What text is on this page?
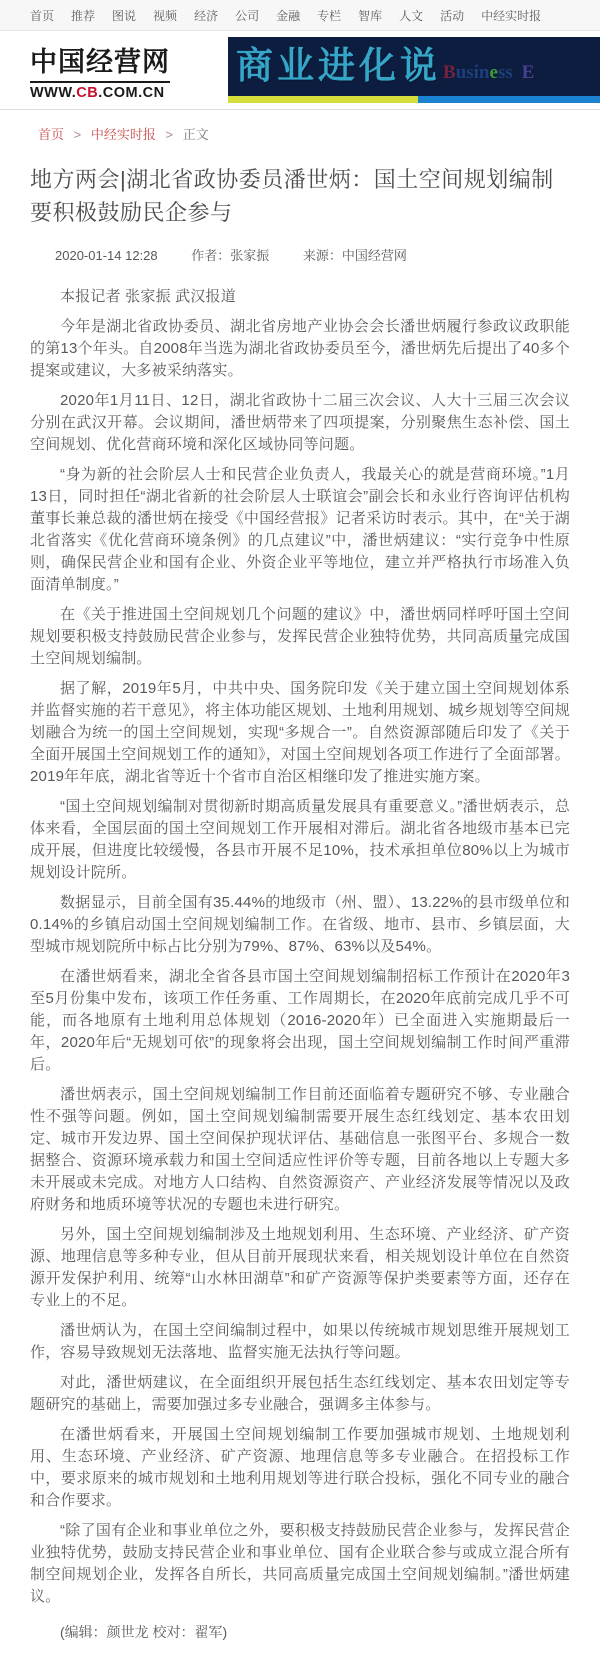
首页 推荐 图说 视频 经济 公司 金融 专栏 智库 人文 活动 中经实时报
中国经营网
WWW.CB.COM.CN
商业进化说 Business E
首页 > 中经实时报 > 正文
地方两会|湖北省政协委员潘世炳：国土空间规划编制要积极鼓励民企参与
2020-01-14 12:28	作者：张家振	来源：中国经营网

本报记者 张家振 武汉报道

今年是湖北省政协委员、湖北省房地产业协会会长潘世炳履行参政议政职能的第13个年头。自2008年当选为湖北省政协委员至今，潘世炳先后提出了40多个提案或建议，大多被采纳落实。

2020年1月11日、12日，湖北省政协十二届三次会议、人大十三届三次会议分别在武汉开幕。会议期间，潘世炳带来了四项提案，分别聚焦生态补偿、国土空间规划、优化营商环境和深化区域协同等问题。

“身为新的社会阶层人士和民营企业负责人，我最关心的就是营商环境。”1月13日，同时担任“湖北省新的社会阶层人士联谊会”副会长和永业行咨询评估机构董事长兼总裁的潘世炳在接受《中国经营报》记者采访时表示。其中，在“关于湖北省落实《优化营商环境条例》的几点建议”中，潘世炳建议：“实行竞争中性原则，确保民营企业和国有企业、外资企业平等地位，建立并严格执行市场准入负面清单制度。”

在《关于推进国土空间规划几个问题的建议》中，潘世炳同样呼吁国土空间规划要积极支持鼓励民营企业参与，发挥民营企业独特优势，共同高质量完成国土空间规划编制。

据了解，2019年5月，中共中央、国务院印发《关于建立国土空间规划体系并监督实施的若干意见》，将主体功能区规划、土地利用规划、城乡规划等空间规划融合为统一的国土空间规划，实现“多规合一”。自然资源部随后印发了《关于全面开展国土空间规划工作的通知》，对国土空间规划各项工作进行了全面部署。2019年年底，湖北省等近十个省市自治区相继印发了推进实施方案。

“国土空间规划编制对贯彻新时期高质量发展具有重要意义。”潘世炳表示，总体来看，全国层面的国土空间规划工作开展相对滞后。湖北省各地级市基本已完成开展，但进度比较缓慢，各县市开展不足10%，技术承担单位80%以上为城市规划设计院所。

数据显示，目前全国有35.44%的地级市（州、盟）、13.22%的县市级单位和0.14%的乡镇启动国土空间规划编制工作。在省级、地市、县市、乡镇层面，大型城市规划院所中标占比分别为79%、87%、63%以及54%。

在潘世炳看来，湖北全省各县市国土空间规划编制招标工作预计在2020年3至5月份集中发布，该项工作任务重、工作周期长，在2020年底前完成几乎不可能，而各地原有土地利用总体规划（2016-2020年）已全面进入实施期最后一年，2020年后“无规划可依”的现象将会出现，国土空间规划编制工作时间严重滞后。

潘世炳表示，国土空间规划编制工作目前还面临着专题研究不够、专业融合性不强等问题。例如，国土空间规划编制需要开展生态红线划定、基本农田划定、城市开发边界、国土空间保护现状评估、基础信息一张图平台、多规合一数据整合、资源环境承载力和国土空间适应性评价等专题，目前各地以上专题大多未开展或未完成。对地方人口结构、自然资源资产、产业经济发展等情况以及政府财务和地质环境等状况的专题也未进行研究。

另外，国土空间规划编制涉及土地规划利用、生态环境、产业经济、矿产资源、地理信息等多种专业，但从目前开展现状来看，相关规划设计单位在自然资源开发保护利用、统筹“山水林田湖草”和矿产资源等保护类要素等方面，还存在专业上的不足。

潘世炳认为，在国土空间编制过程中，如果以传统城市规划思维开展规划工作，容易导致规划无法落地、监督实施无法执行等问题。

对此，潘世炳建议，在全面组织开展包括生态红线划定、基本农田划定等专题研究的基础上，需要加强过多专业融合，强调多主体参与。

在潘世炳看来，开展国土空间规划编制工作要加强城市规划、土地规划利用、生态环境、产业经济、矿产资源、地理信息等多专业融合。在招投标工作中，要求原来的城市规划和土地利用规划等进行联合投标，强化不同专业的融合和合作要求。

“除了国有企业和事业单位之外，要积极支持鼓励民营企业参与，发挥民营企业独特优势，鼓励支持民营企业和事业单位、国有企业联合参与或成立混合所有制空间规划企业，发挥各自所长，共同高质量完成国土空间规划编制。”潘世炳建议。

(编辑：颜世龙 校对：翟军)
